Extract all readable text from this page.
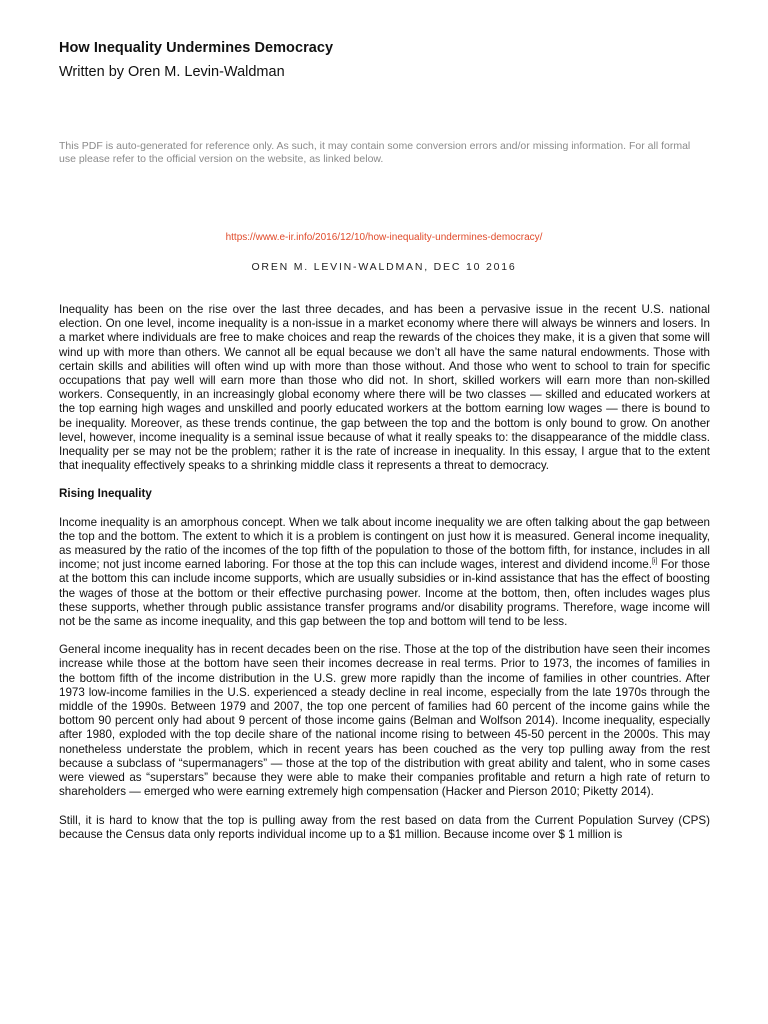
How Inequality Undermines Democracy
Written by Oren M. Levin-Waldman
This PDF is auto-generated for reference only. As such, it may contain some conversion errors and/or missing information. For all formal use please refer to the official version on the website, as linked below.
https://www.e-ir.info/2016/12/10/how-inequality-undermines-democracy/
OREN M. LEVIN-WALDMAN, DEC 10 2016

Inequality has been on the rise over the last three decades, and has been a pervasive issue in the recent U.S. national election. On one level, income inequality is a non-issue in a market economy where there will always be winners and losers. In a market where individuals are free to make choices and reap the rewards of the choices they make, it is a given that some will wind up with more than others. We cannot all be equal because we don’t all have the same natural endowments. Those with certain skills and abilities will often wind up with more than those without. And those who went to school to train for specific occupations that pay well will earn more than those who did not. In short, skilled workers will earn more than non-skilled workers. Consequently, in an increasingly global economy where there will be two classes — skilled and educated workers at the top earning high wages and unskilled and poorly educated workers at the bottom earning low wages — there is bound to be inequality. Moreover, as these trends continue, the gap between the top and the bottom is only bound to grow. On another level, however, income inequality is a seminal issue because of what it really speaks to: the disappearance of the middle class. Inequality per se may not be the problem; rather it is the rate of increase in inequality. In this essay, I argue that to the extent that inequality effectively speaks to a shrinking middle class it represents a threat to democracy.

Rising Inequality

Income inequality is an amorphous concept. When we talk about income inequality we are often talking about the gap between the top and the bottom. The extent to which it is a problem is contingent on just how it is measured. General income inequality, as measured by the ratio of the incomes of the top fifth of the population to those of the bottom fifth, for instance, includes in all income; not just income earned laboring. For those at the top this can include wages, interest and dividend income.[i] For those at the bottom this can include income supports, which are usually subsidies or in-kind assistance that has the effect of boosting the wages of those at the bottom or their effective purchasing power. Income at the bottom, then, often includes wages plus these supports, whether through public assistance transfer programs and/or disability programs. Therefore, wage income will not be the same as income inequality, and this gap between the top and bottom will tend to be less.

General income inequality has in recent decades been on the rise. Those at the top of the distribution have seen their incomes increase while those at the bottom have seen their incomes decrease in real terms. Prior to 1973, the incomes of families in the bottom fifth of the income distribution in the U.S. grew more rapidly than the income of families in other countries. After 1973 low-income families in the U.S. experienced a steady decline in real income, especially from the late 1970s through the middle of the 1990s. Between 1979 and 2007, the top one percent of families had 60 percent of the income gains while the bottom 90 percent only had about 9 percent of those income gains (Belman and Wolfson 2014). Income inequality, especially after 1980, exploded with the top decile share of the national income rising to between 45-50 percent in the 2000s. This may nonetheless understate the problem, which in recent years has been couched as the very top pulling away from the rest because a subclass of “supermanagers” — those at the top of the distribution with great ability and talent, who in some cases were viewed as “superstars” because they were able to make their companies profitable and return a high rate of return to shareholders — emerged who were earning extremely high compensation (Hacker and Pierson 2010; Piketty 2014).

Still, it is hard to know that the top is pulling away from the rest based on data from the Current Population Survey (CPS) because the Census data only reports individual income up to a $1 million. Because income over $ 1 million is
